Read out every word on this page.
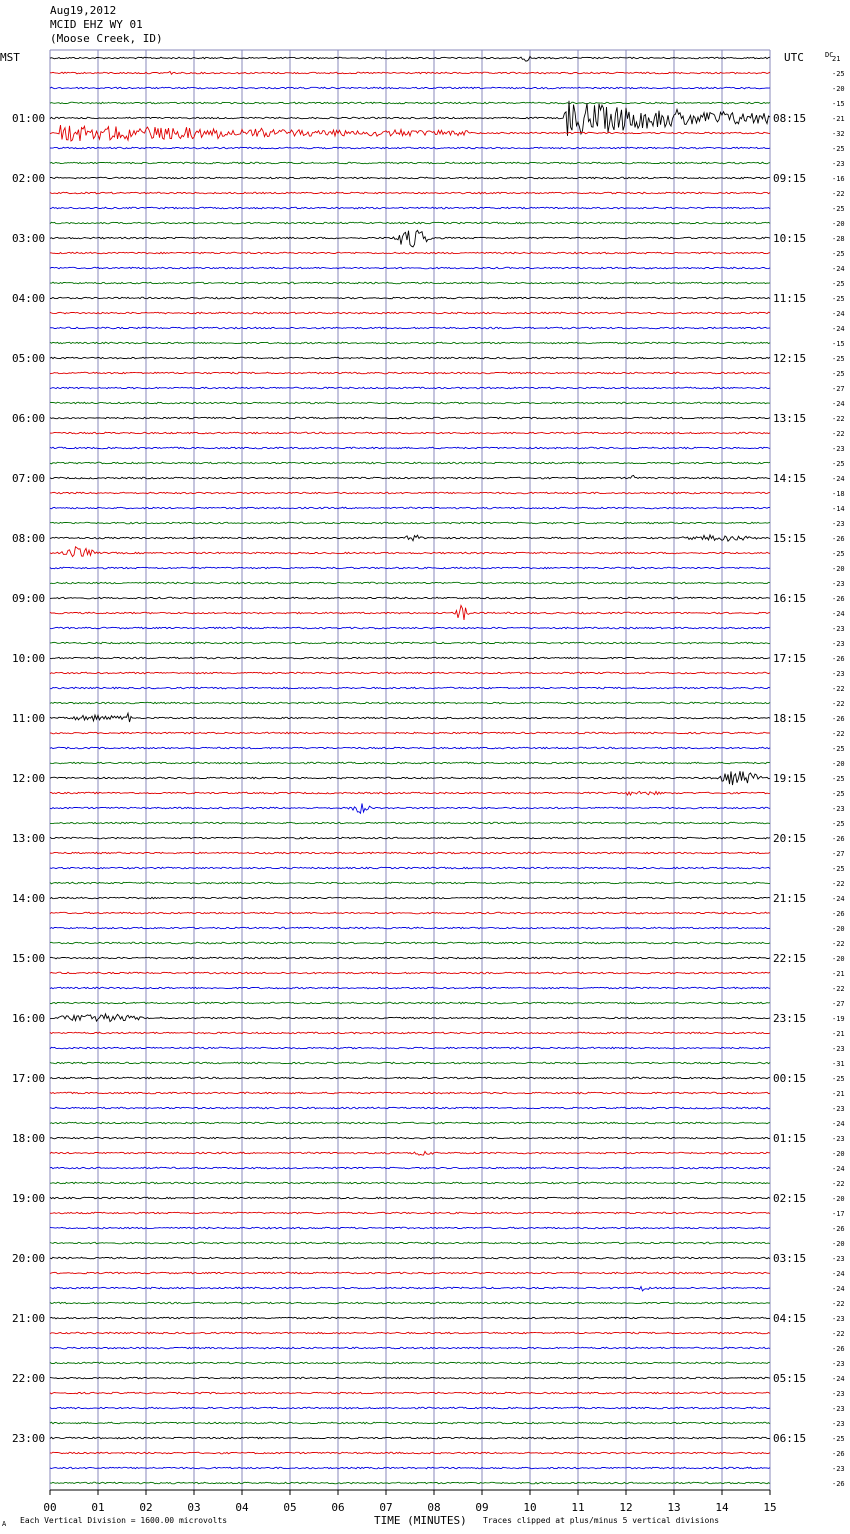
Aug19,2012
MCID EHZ WY 01
(Moose Creek, ID)
MST	UTC	DC
01:00
02:00
03:00
04:00
05:00
06:00
07:00
08:00
09:00
10:00
11:00
12:00
13:00
14:00
15:00
16:00
17:00
18:00
19:00
20:00
21:00
22:00
23:00
08:15
09:15
10:15
11:15
12:15
13:15
14:15
15:15
16:15
17:15
18:15
19:15
20:15
21:15
22:15
23:15
00:15
01:15
02:15
03:15
04:15
05:15
06:15
21
-25
-20
-15
-21
-32
-25
-23
-16
-22
-25
-20
-28
-25
-24
-25
-25
-24
-24
-15
-25
-25
-27
-24
-22
-22
-23
-25
-24
-18
-14
-23
-26
-25
-20
-23
-26
-24
-23
-23
-26
-23
-22
-22
-26
-22
-25
-20
-25
-25
-23
-25
-26
-27
-25
-22
-24
-26
-20
-22
-20
-21
-22
-27
-19
-21
-23
-31
-25
-21
-23
-24
-23
-20
-24
-22
-20
-17
-26
-20
-23
-24
-24
-22
-23
-22
-26
-23
-24
-23
-23
-23
-25
-26
-23
-26
00	01	02	03	04	05	06	07	08	09	10	11	12	13	14	15
Each Vertical Division = 1600.00 microvolts
A	TIME (MINUTES) Traces clipped at plus/minus 5 vertical divisions
